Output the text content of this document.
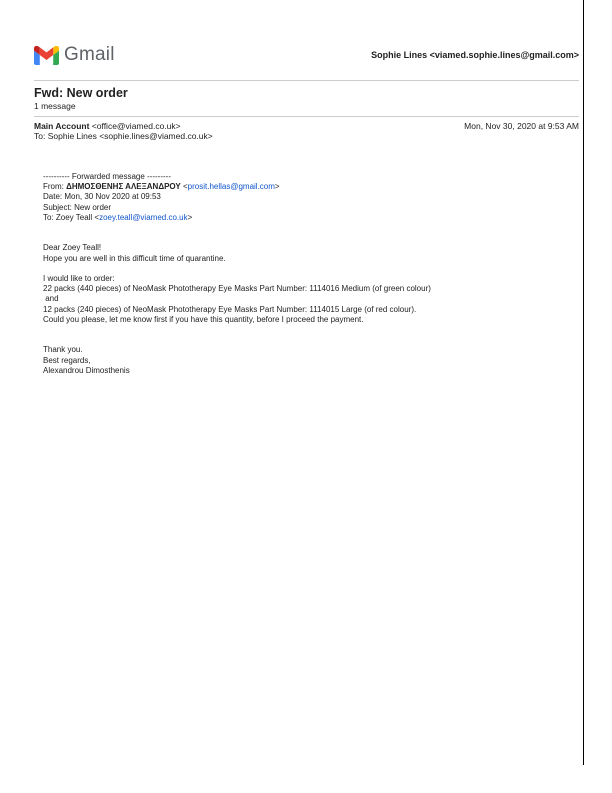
Gmail	Sophie Lines <viamed.sophie.lines@gmail.com>
Fwd: New order
1 message
Main Account <office@viamed.co.uk>
To: Sophie Lines <sophie.lines@viamed.co.uk>
Mon, Nov 30, 2020 at 9:53 AM
---------- Forwarded message ---------
From: ΔΗΜΟΣΘΕΝΗΣ ΑΛΕΞΑΝΔΡΟΥ <prosit.hellas@gmail.com>
Date: Mon, 30 Nov 2020 at 09:53
Subject: New order
To: Zoey Teall <zoey.teall@viamed.co.uk>
Dear Zoey Teall!
Hope you are well in this difficult time of quarantine.
I would like to order:
22 packs (440 pieces) of NeoMask Phototherapy Eye Masks Part Number: 1114016 Medium (of green colour)
and
12 packs (240 pieces) of NeoMask Phototherapy Eye Masks Part Number: 1114015 Large (of red colour).
Could you please, let me know first if you have this quantity, before I proceed the payment.
Thank you.
Best regards,
Alexandrou Dimosthenis
